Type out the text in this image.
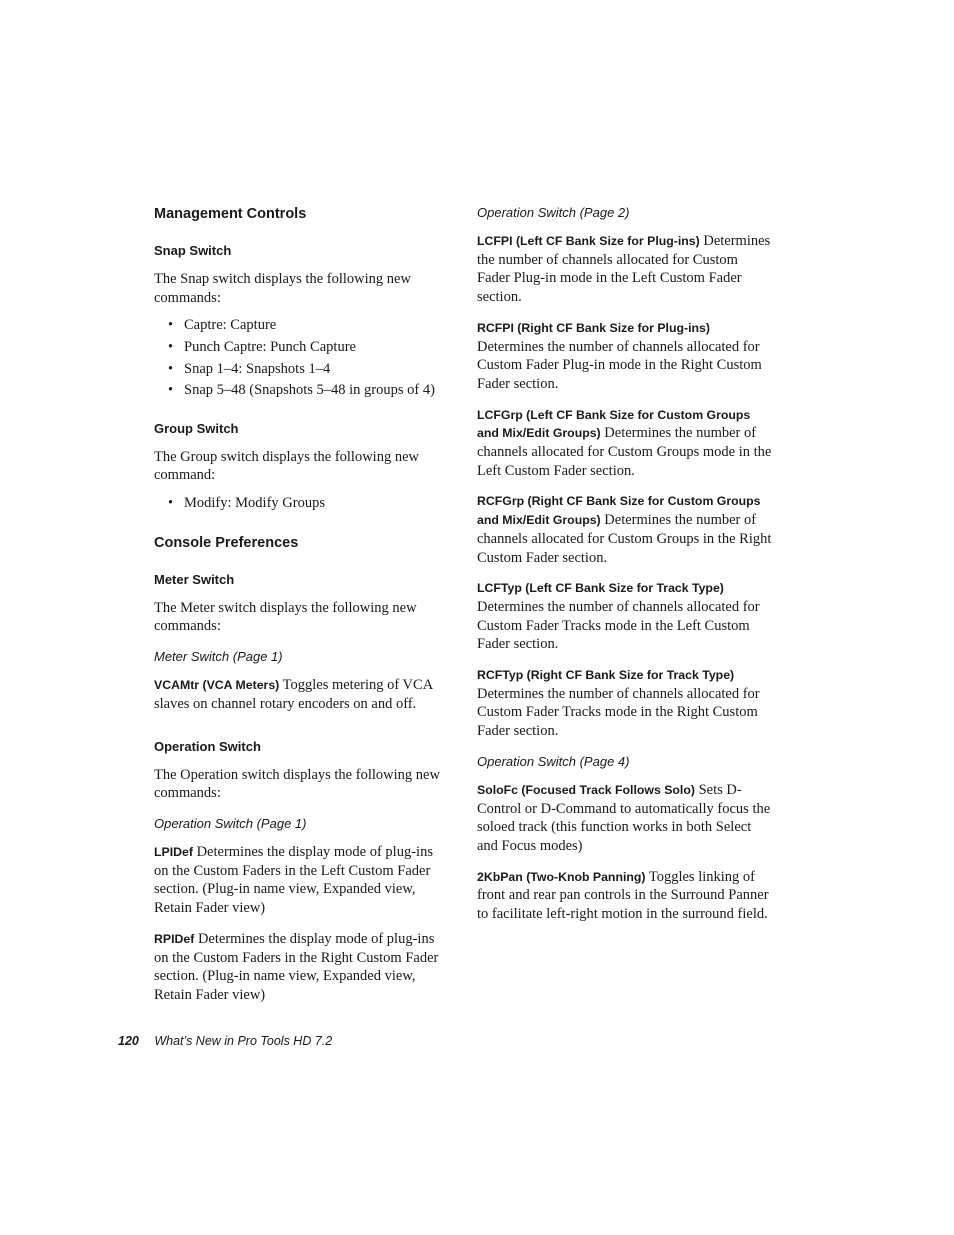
Management Controls
Snap Switch

The Snap switch displays the following new commands:

• Captre: Capture
• Punch Captre: Punch Capture
• Snap 1–4: Snapshots 1–4
• Snap 5–48 (Snapshots 5–48 in groups of 4)
Group Switch

The Group switch displays the following new command:

• Modify: Modify Groups
Console Preferences
Meter Switch

The Meter switch displays the following new commands:

Meter Switch (Page 1)

VCAMtr (VCA Meters) Toggles metering of VCA slaves on channel rotary encoders on and off.

Operation Switch

The Operation switch displays the following new commands:

Operation Switch (Page 1)

LPIDef Determines the display mode of plug-ins on the Custom Faders in the Left Custom Fader section. (Plug-in name view, Expanded view, Retain Fader view)

RPIDef Determines the display mode of plug-ins on the Custom Faders in the Right Custom Fader section. (Plug-in name view, Expanded view, Retain Fader view)

Operation Switch (Page 2)

LCFPI (Left CF Bank Size for Plug-ins) Determines the number of channels allocated for Custom Fader Plug-in mode in the Left Custom Fader section.

RCFPI (Right CF Bank Size for Plug-ins) Determines the number of channels allocated for Custom Fader Plug-in mode in the Right Custom Fader section.

LCFGrp (Left CF Bank Size for Custom Groups and Mix/Edit Groups) Determines the number of channels allocated for Custom Groups mode in the Left Custom Fader section.

RCFGrp (Right CF Bank Size for Custom Groups and Mix/Edit Groups) Determines the number of channels allocated for Custom Groups in the Right Custom Fader section.

LCFTyp (Left CF Bank Size for Track Type) Determines the number of channels allocated for Custom Fader Tracks mode in the Left Custom Fader section.

RCFTyp (Right CF Bank Size for Track Type) Determines the number of channels allocated for Custom Fader Tracks mode in the Right Custom Fader section.

Operation Switch (Page 4)

SoloFc (Focused Track Follows Solo) Sets D-Control or D-Command to automatically focus the soloed track (this function works in both Select and Focus modes)

2KbPan (Two-Knob Panning) Toggles linking of front and rear pan controls in the Surround Panner to facilitate left-right motion in the surround field.

120 What’s New in Pro Tools HD 7.2
